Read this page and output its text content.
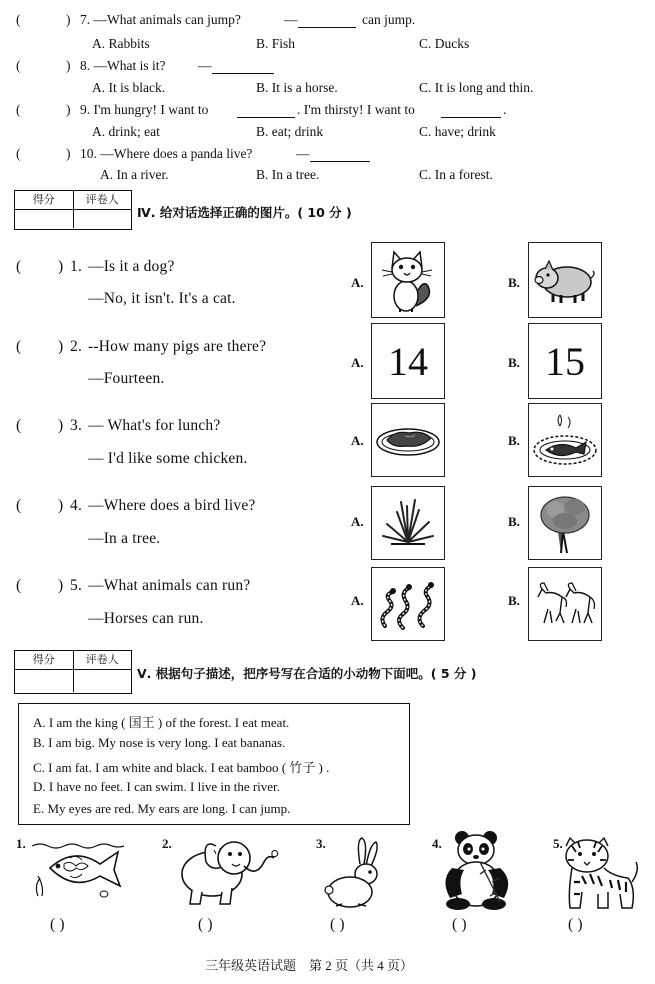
(	) 7. —What animals can jump?	—	can jump.
A. Rabbits	B. Fish	C. Ducks
(	) 8. —What is it? —
A. It is black.	B. It is a horse.	C. It is long and thin.
(	) 9. I'm hungry! I want to	. I'm thirsty! I want to	.
A. drink; eat	B. eat; drink	C. have; drink
(	) 10. —Where does a panda live?	—
A. In a river.	B. In a tree.	C. In a forest.
得分	评卷人
Ⅳ. 给对话选择正确的图片。( 10 分 )
( ) 1. —Is it a dog?
—No, it isn't. It's a cat.
A.	B.
( ) 2. --How many pigs are there?
—Fourteen.
A. 14	B. 15
( ) 3. — What's for lunch?
— I'd like some chicken.
A.	B.
( ) 4. —Where does a bird live?
—In a tree.
A.	B.
( ) 5. —What animals can run?
—Horses can run.
A.	B.
得分	评卷人
Ⅴ. 根据句子描述，把序号写在合适的小动物下面吧。( 5 分 )
A. I am the king ( 国王 ) of the forest. I eat meat.
B. I am big. My nose is very long. I eat bananas.
C. I am fat. I am white and black. I eat bamboo ( 竹子 ) .
D. I have no feet. I can swim. I live in the river.
E. My eyes are red. My ears are long. I can jump.
1.
( )
2.
( )
3.
( )
4.
( )
5.
( )
三年级英语试题　第 2 页（共 4 页）
